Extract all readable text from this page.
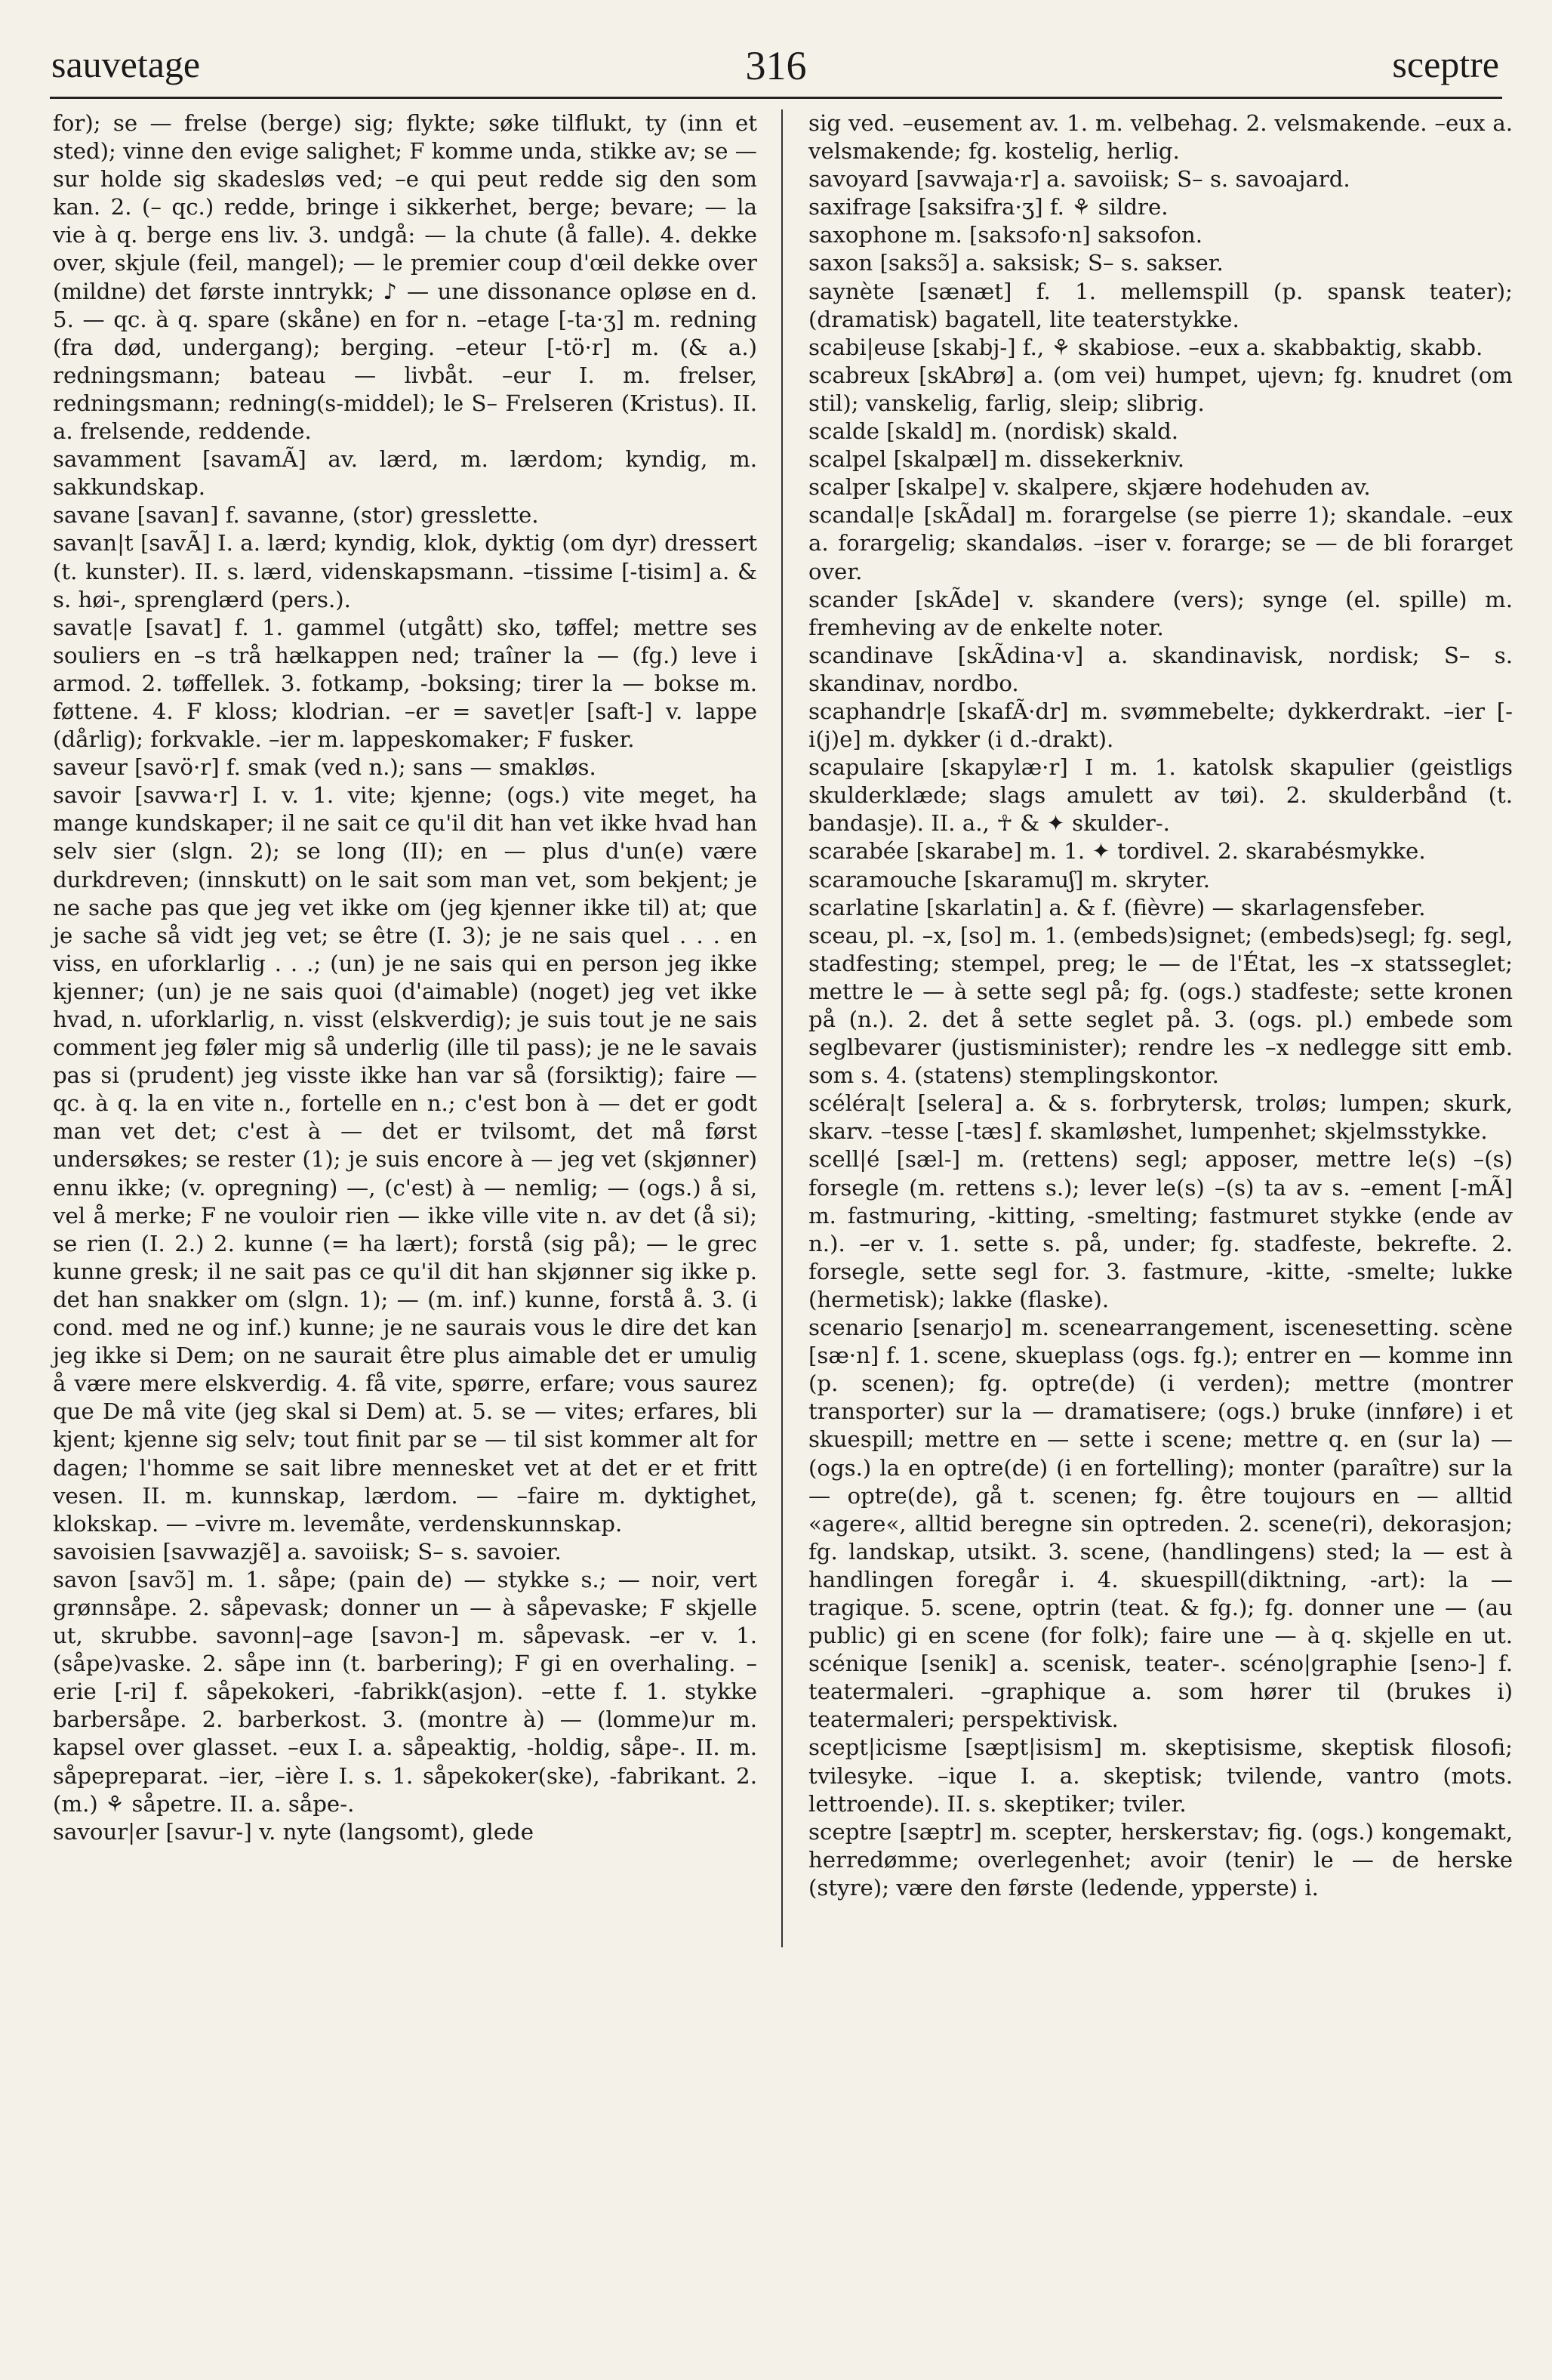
sauvetage	316	sceptre

for); se — frelse (berge) sig; flykte; søke tilflukt, ty (inn et sted); vinne den evige salighet; F komme unda, stikke av; se — sur holde sig skadesløs ved; –e qui peut redde sig den som kan. 2. (– qc.) redde, bringe i sikkerhet, berge; bevare; — la vie à q. berge ens liv. 3. undgå: — la chute (å falle). 4. dekke over, skjule (feil, mangel); — le premier coup d'œil dekke over (mildne) det første inntrykk; ♪ — une dissonance opløse en d. 5. — qc. à q. spare (skåne) en for n. –etage [-ta·ʒ] m. redning (fra død, undergang); berging. –eteur [-tö·r] m. (& a.) redningsmann; bateau — livbåt. –eur I. m. frelser, redningsmann; redning(s-middel); le S– Frelseren (Kristus). II. a. frelsende, reddende.

savamment [savamÃ] av. lærd, m. lærdom; kyndig, m. sakkundskap.

savane [savan] f. savanne, (stor) gresslette.

savan|t [savÃ] I. a. lærd; kyndig, klok, dyktig (om dyr) dressert (t. kunster). II. s. lærd, videnskapsmann. –tissime [-tisim] a. & s. høi-, sprenglærd (pers.).

savat|e [savat] f. 1. gammel (utgått) sko, tøffel; mettre ses souliers en –s trå hælkappen ned; traîner la — (fg.) leve i armod. 2. tøffellek. 3. fotkamp, -boksing; tirer la — bokse m. føttene. 4. F kloss; klodrian. –er = savet|er [saft-] v. lappe (dårlig); forkvakle. –ier m. lappeskomaker; F fusker.

saveur [savö·r] f. smak (ved n.); sans — smakløs.

savoir [savwa·r] I. v. 1. vite; kjenne; (ogs.) vite meget, ha mange kundskaper; il ne sait ce qu'il dit han vet ikke hvad han selv sier (slgn. 2); se long (II); en — plus d'un(e) være durkdreven; (innskutt) on le sait som man vet, som bekjent; je ne sache pas que jeg vet ikke om (jeg kjenner ikke til) at; que je sache så vidt jeg vet; se être (I. 3); je ne sais quel . . . en viss, en uforklarlig . . .; (un) je ne sais qui en person jeg ikke kjenner; (un) je ne sais quoi (d'aimable) (noget) jeg vet ikke hvad, n. uforklarlig, n. visst (elskverdig); je suis tout je ne sais comment jeg føler mig så underlig (ille til pass); je ne le savais pas si (prudent) jeg visste ikke han var så (forsiktig); faire — qc. à q. la en vite n., fortelle en n.; c'est bon à — det er godt man vet det; c'est à — det er tvilsomt, det må først undersøkes; se rester (1); je suis encore à — jeg vet (skjønner) ennu ikke; (v. opregning) —, (c'est) à — nemlig; — (ogs.) å si, vel å merke; F ne vouloir rien — ikke ville vite n. av det (å si); se rien (I. 2.) 2. kunne (= ha lært); forstå (sig på); — le grec kunne gresk; il ne sait pas ce qu'il dit han skjønner sig ikke p. det han snakker om (slgn. 1); — (m. inf.) kunne, forstå å. 3. (i cond. med ne og inf.) kunne; je ne saurais vous le dire det kan jeg ikke si Dem; on ne saurait être plus aimable det er umulig å være mere elskverdig. 4. få vite, spørre, erfare; vous saurez que De må vite (jeg skal si Dem) at. 5. se — vites; erfares, bli kjent; kjenne sig selv; tout finit par se — til sist kommer alt for dagen; l'homme se sait libre mennesket vet at det er et fritt vesen. II. m. kunnskap, lærdom. — –faire m. dyktighet, klokskap. — –vivre m. levemåte, verdenskunnskap.

savoisien [savwazjẽ] a. savoiisk; S– s. savoier.

savon [savɔ̃] m. 1. såpe; (pain de) — stykke s.; — noir, vert grønnsåpe. 2. såpevask; donner un — à såpevaske; F skjelle ut, skrubbe. savonn|–age [savɔn-] m. såpevask. –er v. 1. (såpe)vaske. 2. såpe inn (t. barbering); F gi en overhaling. –erie [-ri] f. såpekokeri, -fabrikk(asjon). –ette f. 1. stykke barbersåpe. 2. barberkost. 3. (montre à) — (lomme)ur m. kapsel over glasset. –eux I. a. såpeaktig, -holdig, såpe-. II. m. såpepreparat. –ier, –ière I. s. 1. såpekoker(ske), -fabrikant. 2. (m.) ⚘ såpetre. II. a. såpe-.

savour|er [savur-] v. nyte (langsomt), glede

sig ved. –eusement av. 1. m. velbehag. 2. velsmakende. –eux a. velsmakende; fg. kostelig, herlig.

savoyard [savwaja·r] a. savoiisk; S– s. savoajard.

saxifrage [saksifra·ʒ] f. ⚘ sildre.

saxophone m. [saksɔfo·n] saksofon.

saxon [saksɔ̃] a. saksisk; S– s. sakser.

saynète [sænæt] f. 1. mellemspill (p. spansk teater); (dramatisk) bagatell, lite teaterstykke.

scabi|euse [skabj-] f., ⚘ skabiose. –eux a. skabbaktig, skabb.

scabreux [skAbrø] a. (om vei) humpet, ujevn; fg. knudret (om stil); vanskelig, farlig, sleip; slibrig.

scalde [skald] m. (nordisk) skald.

scalpel [skalpæl] m. dissekerkniv.

scalper [skalpe] v. skalpere, skjære hodehuden av.

scandal|e [skÃdal] m. forargelse (se pierre 1); skandale. –eux a. forargelig; skandaløs. –iser v. forarge; se — de bli forarget over.

scander [skÃde] v. skandere (vers); synge (el. spille) m. fremheving av de enkelte noter.

scandinave [skÃdina·v] a. skandinavisk, nordisk; S– s. skandinav, nordbo.

scaphandr|e [skafÃ·dr] m. svømmebelte; dykkerdrakt. –ier [-i(j)e] m. dykker (i d.-drakt).

scapulaire [skapylæ·r] I m. 1. katolsk skapulier (geistligs skulderklæde; slags amulett av tøi). 2. skulderbånd (t. bandasje). II. a., ☥ & ✦ skulder-.

scarabée [skarabe] m. 1. ✦ tordivel. 2. skarabésmykke.

scaramouche [skaramuʃ] m. skryter.

scarlatine [skarlatin] a. & f. (fièvre) — skarlagensfeber.

sceau, pl. –x, [so] m. 1. (embeds)signet; (embeds)segl; fg. segl, stadfesting; stempel, preg; le — de l'État, les –x statsseglet; mettre le — à sette segl på; fg. (ogs.) stadfeste; sette kronen på (n.). 2. det å sette seglet på. 3. (ogs. pl.) embede som seglbevarer (justisminister); rendre les –x nedlegge sitt emb. som s. 4. (statens) stemplingskontor.

scélérа|t [selera] a. & s. forbrytersk, troløs; lumpen; skurk, skarv. –tesse [-tæs] f. skamløshet, lumpenhet; skjelmsstykke.

scell|é [sæl-] m. (rettens) segl; apposer, mettre le(s) –(s) forsegle (m. rettens s.); lever le(s) –(s) ta av s. –ement [-mÃ] m. fastmuring, -kitting, -smelting; fastmuret stykke (ende av n.). –er v. 1. sette s. på, under; fg. stadfeste, bekrefte. 2. forsegle, sette segl for. 3. fastmure, -kitte, -smelte; lukke (hermetisk); lakke (flaske).

scenario [senarjo] m. scenearrangement, iscenesetting. scène [sæ·n] f. 1. scene, skueplass (ogs. fg.); entrer en — komme inn (p. scenen); fg. optre(de) (i verden); mettre (montrer transporter) sur la — dramatisere; (ogs.) bruke (innføre) i et skuespill; mettre en — sette i scene; mettre q. en (sur la) — (ogs.) la en optre(de) (i en fortelling); monter (paraître) sur la — optre(de), gå t. scenen; fg. être toujours en — alltid «agere«, alltid beregne sin optreden. 2. scene(ri), dekorasjon; fg. landskap, utsikt. 3. scene, (handlingens) sted; la — est à handlingen foregår i. 4. skuespill(diktning, -art): la — tragique. 5. scene, optrin (teat. & fg.); fg. donner une — (au public) gi en scene (for folk); faire une — à q. skjelle en ut. scénique [senik] a. scenisk, teater-. scéno|graphie [senɔ-] f. teatermaleri. –graphique a. som hører til (brukes i) teatermaleri; perspektivisk.

scept|icisme [sæpt|isism] m. skeptisisme, skeptisk filosofi; tvilesyke. –ique I. a. skeptisk; tvilende, vantro (mots. lettroende). II. s. skeptiker; tviler.

sceptre [sæptr] m. scepter, herskerstav; fig. (ogs.) kongemakt, herredømme; overlegenhet; avoir (tenir) le — de herske (styre); være den første (ledende, ypperste) i.
